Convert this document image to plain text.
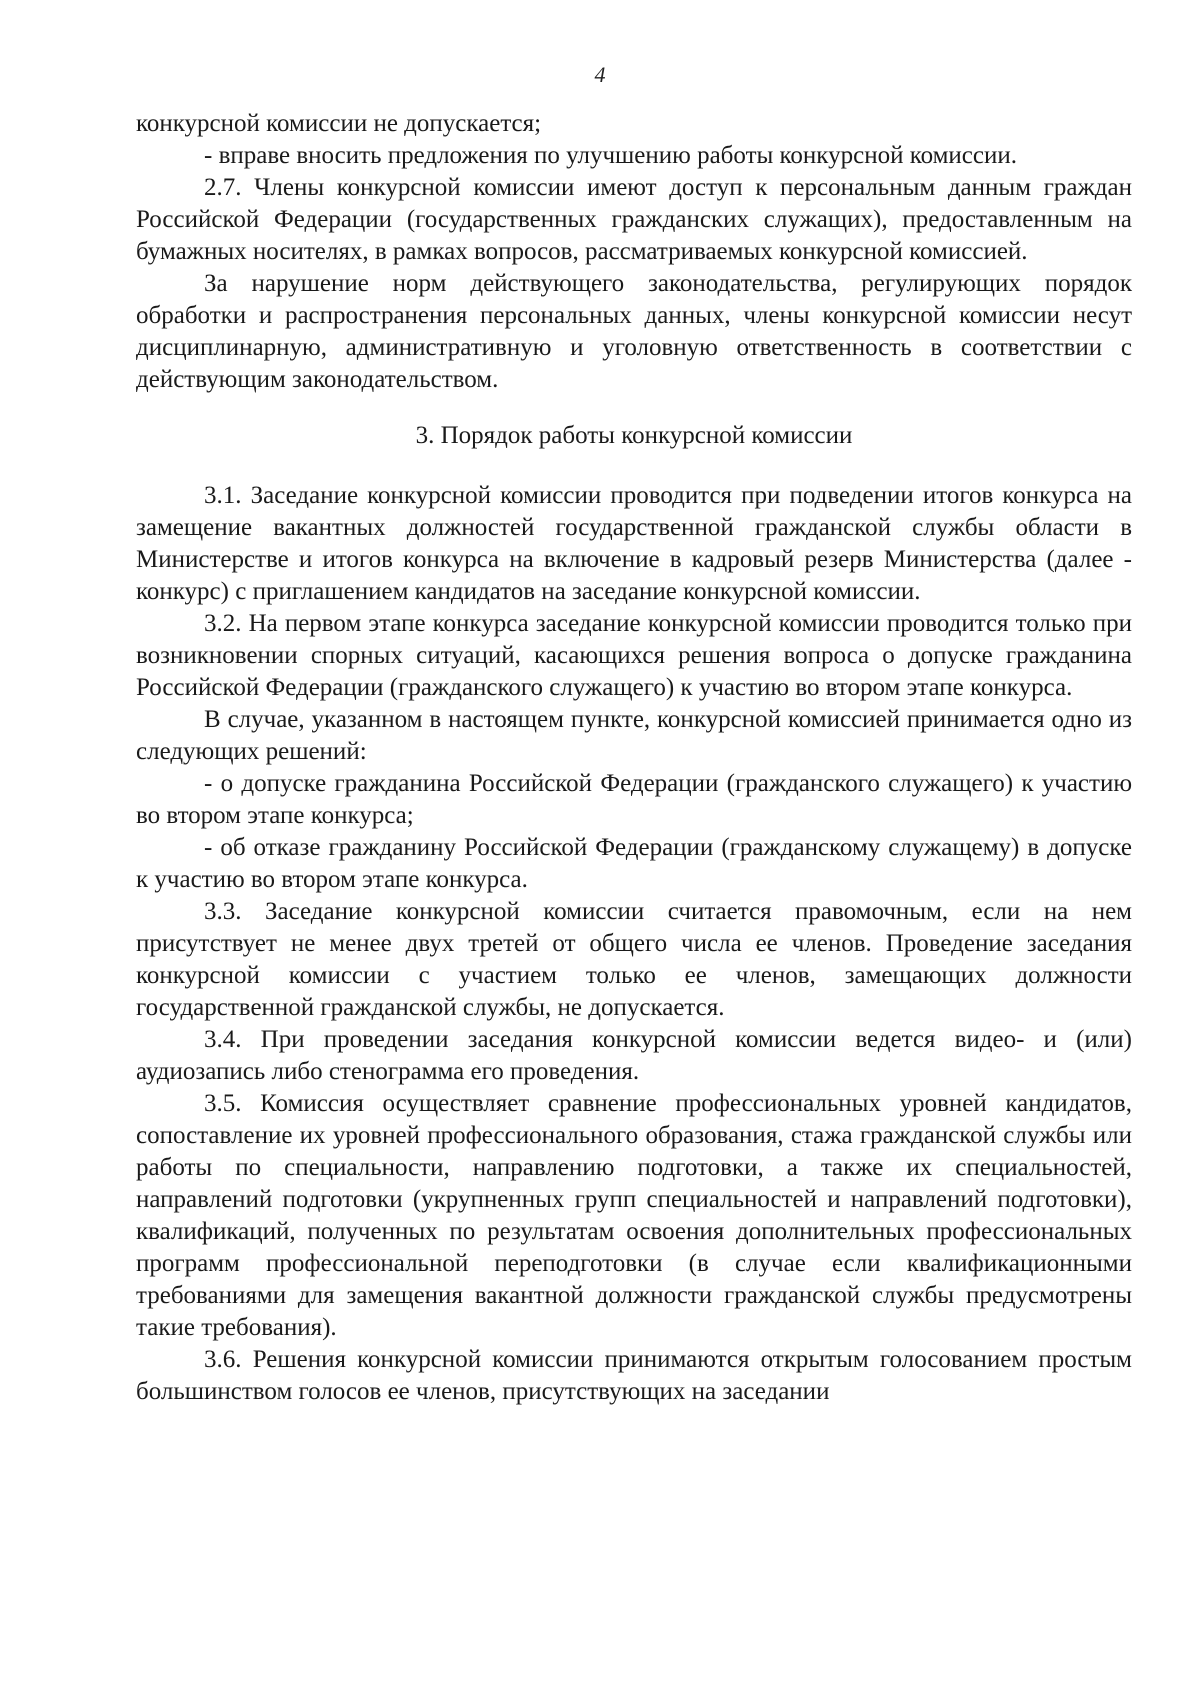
4

конкурсной комиссии не допускается;

- вправе вносить предложения по улучшению работы конкурсной комиссии.

2.7. Члены конкурсной комиссии имеют доступ к персональным данным граждан Российской Федерации (государственных гражданских служащих), предоставленным на бумажных носителях, в рамках вопросов, рассматриваемых конкурсной комиссией.

За нарушение норм действующего законодательства, регулирующих порядок обработки и распространения персональных данных, члены конкурсной комиссии несут дисциплинарную, административную и уголовную ответственность в соответствии с действующим законодательством.

3. Порядок работы конкурсной комиссии

3.1. Заседание конкурсной комиссии проводится при подведении итогов конкурса на замещение вакантных должностей государственной гражданской службы области в Министерстве и итогов конкурса на включение в кадровый резерв Министерства (далее - конкурс) с приглашением кандидатов на заседание конкурсной комиссии.

3.2. На первом этапе конкурса заседание конкурсной комиссии проводится только при возникновении спорных ситуаций, касающихся решения вопроса о допуске гражданина Российской Федерации (гражданского служащего) к участию во втором этапе конкурса.

В случае, указанном в настоящем пункте, конкурсной комиссией принимается одно из следующих решений:

- о допуске гражданина Российской Федерации (гражданского служащего) к участию во втором этапе конкурса;

- об отказе гражданину Российской Федерации (гражданскому служащему) в допуске к участию во втором этапе конкурса.

3.3. Заседание конкурсной комиссии считается правомочным, если на нем присутствует не менее двух третей от общего числа ее членов. Проведение заседания конкурсной комиссии с участием только ее членов, замещающих должности государственной гражданской службы, не допускается.

3.4. При проведении заседания конкурсной комиссии ведется видео- и (или) аудиозапись либо стенограмма его проведения.

3.5. Комиссия осуществляет сравнение профессиональных уровней кандидатов, сопоставление их уровней профессионального образования, стажа гражданской службы или работы по специальности, направлению подготовки, а также их специальностей, направлений подготовки (укрупненных групп специальностей и направлений подготовки), квалификаций, полученных по результатам освоения дополнительных профессиональных программ профессиональной переподготовки (в случае если квалификационными требованиями для замещения вакантной должности гражданской службы предусмотрены такие требования).

3.6. Решения конкурсной комиссии принимаются открытым голосованием простым большинством голосов ее членов, присутствующих на заседании
